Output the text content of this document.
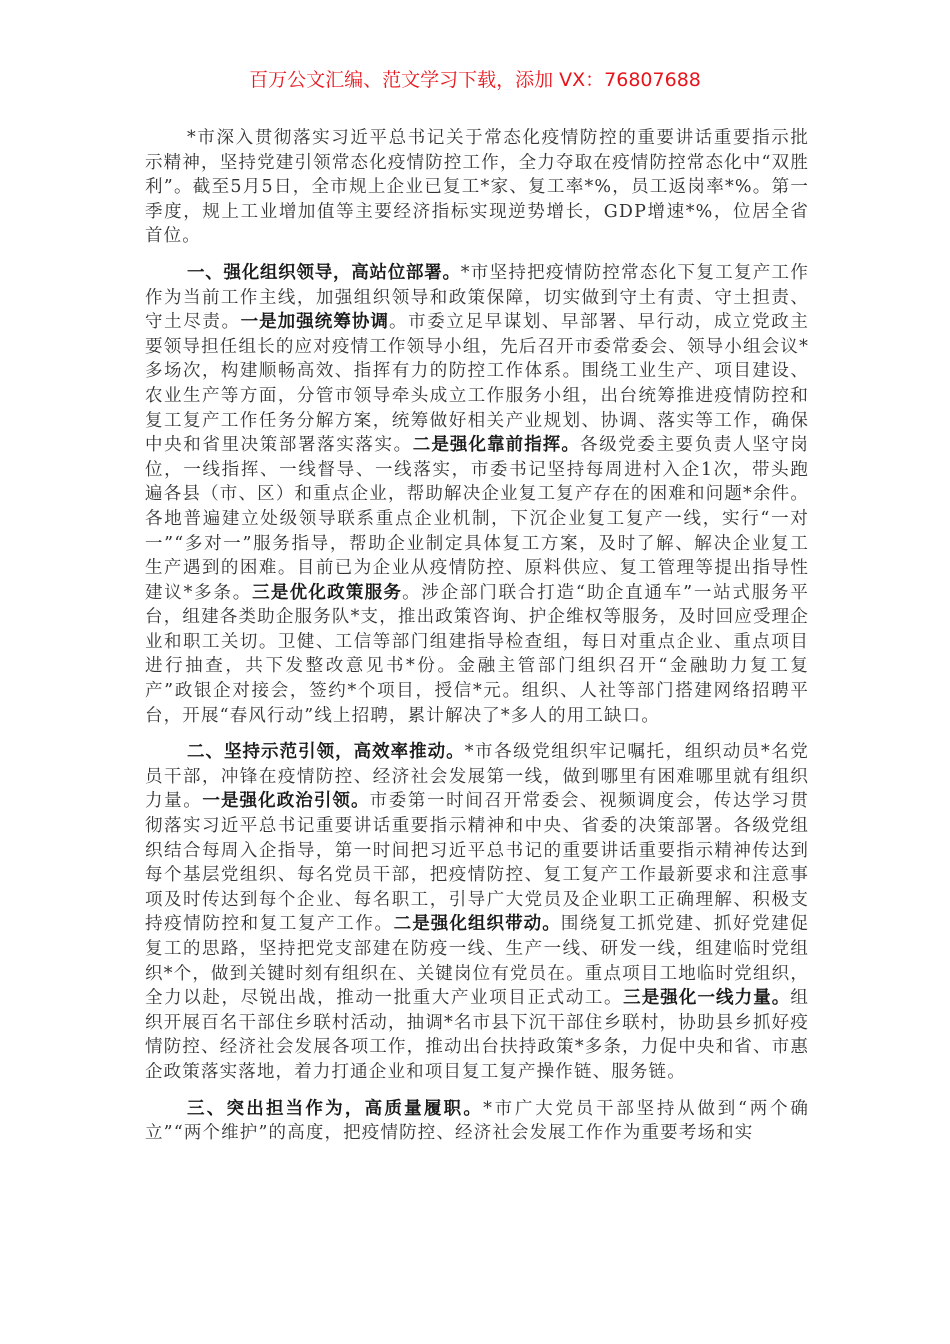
百万公文汇编、范文学习下载，添加 VX：76807688

*市深入贯彻落实习近平总书记关于常态化疫情防控的重要讲话重要指示批示精神，坚持党建引领常态化疫情防控工作，全力夺取在疫情防控常态化中“双胜利”。截至5月5日，全市规上企业已复工*家、复工率*%，员工返岗率*%。第一季度，规上工业增加值等主要经济指标实现逆势增长，GDP增速*%，位居全省首位。

一、强化组织领导，高站位部署。*市坚持把疫情防控常态化下复工复产工作作为当前工作主线，加强组织领导和政策保障，切实做到守土有责、守土担责、守土尽责。一是加强统筹协调。市委立足早谋划、早部署、早行动，成立党政主要领导担任组长的应对疫情工作领导小组，先后召开市委常委会、领导小组会议*多场次，构建顺畅高效、指挥有力的防控工作体系。围绕工业生产、项目建设、农业生产等方面，分管市领导牵头成立工作服务小组，出台统筹推进疫情防控和复工复产工作任务分解方案，统筹做好相关产业规划、协调、落实等工作，确保中央和省里决策部署落实落实。二是强化靠前指挥。各级党委主要负责人坚守岗位，一线指挥、一线督导、一线落实，市委书记坚持每周进村入企1次，带头跑遍各县（市、区）和重点企业，帮助解决企业复工复产存在的困难和问题*余件。各地普遍建立处级领导联系重点企业机制，下沉企业复工复产一线，实行“一对一”“多对一”服务指导，帮助企业制定具体复工方案，及时了解、解决企业复工生产遇到的困难。目前已为企业从疫情防控、原料供应、复工管理等提出指导性建议*多条。三是优化政策服务。涉企部门联合打造“助企直通车”一站式服务平台，组建各类助企服务队*支，推出政策咨询、护企维权等服务，及时回应受理企业和职工关切。卫健、工信等部门组建指导检查组，每日对重点企业、重点项目进行抽查，共下发整改意见书*份。金融主管部门组织召开“金融助力复工复产”政银企对接会，签约*个项目，授信*元。组织、人社等部门搭建网络招聘平台，开展“春风行动”线上招聘，累计解决了*多人的用工缺口。

二、坚持示范引领，高效率推动。*市各级党组织牢记嘱托，组织动员*名党员干部，冲锋在疫情防控、经济社会发展第一线，做到哪里有困难哪里就有组织力量。一是强化政治引领。市委第一时间召开常委会、视频调度会，传达学习贯彻落实习近平总书记重要讲话重要指示精神和中央、省委的决策部署。各级党组织结合每周入企指导，第一时间把习近平总书记的重要讲话重要指示精神传达到每个基层党组织、每名党员干部，把疫情防控、复工复产工作最新要求和注意事项及时传达到每个企业、每名职工，引导广大党员及企业职工正确理解、积极支持疫情防控和复工复产工作。二是强化组织带动。围绕复工抓党建、抓好党建促复工的思路，坚持把党支部建在防疫一线、生产一线、研发一线，组建临时党组织*个，做到关键时刻有组织在、关键岗位有党员在。重点项目工地临时党组织，全力以赴，尽锐出战，推动一批重大产业项目正式动工。三是强化一线力量。组织开展百名干部住乡联村活动，抽调*名市县下沉干部住乡联村，协助县乡抓好疫情防控、经济社会发展各项工作，推动出台扶持政策*多条，力促中央和省、市惠企政策落实落地，着力打通企业和项目复工复产操作链、服务链。

三、突出担当作为，高质量履职。*市广大党员干部坚持从做到“两个确立”“两个维护”的高度，把疫情防控、经济社会发展工作作为重要考场和实
